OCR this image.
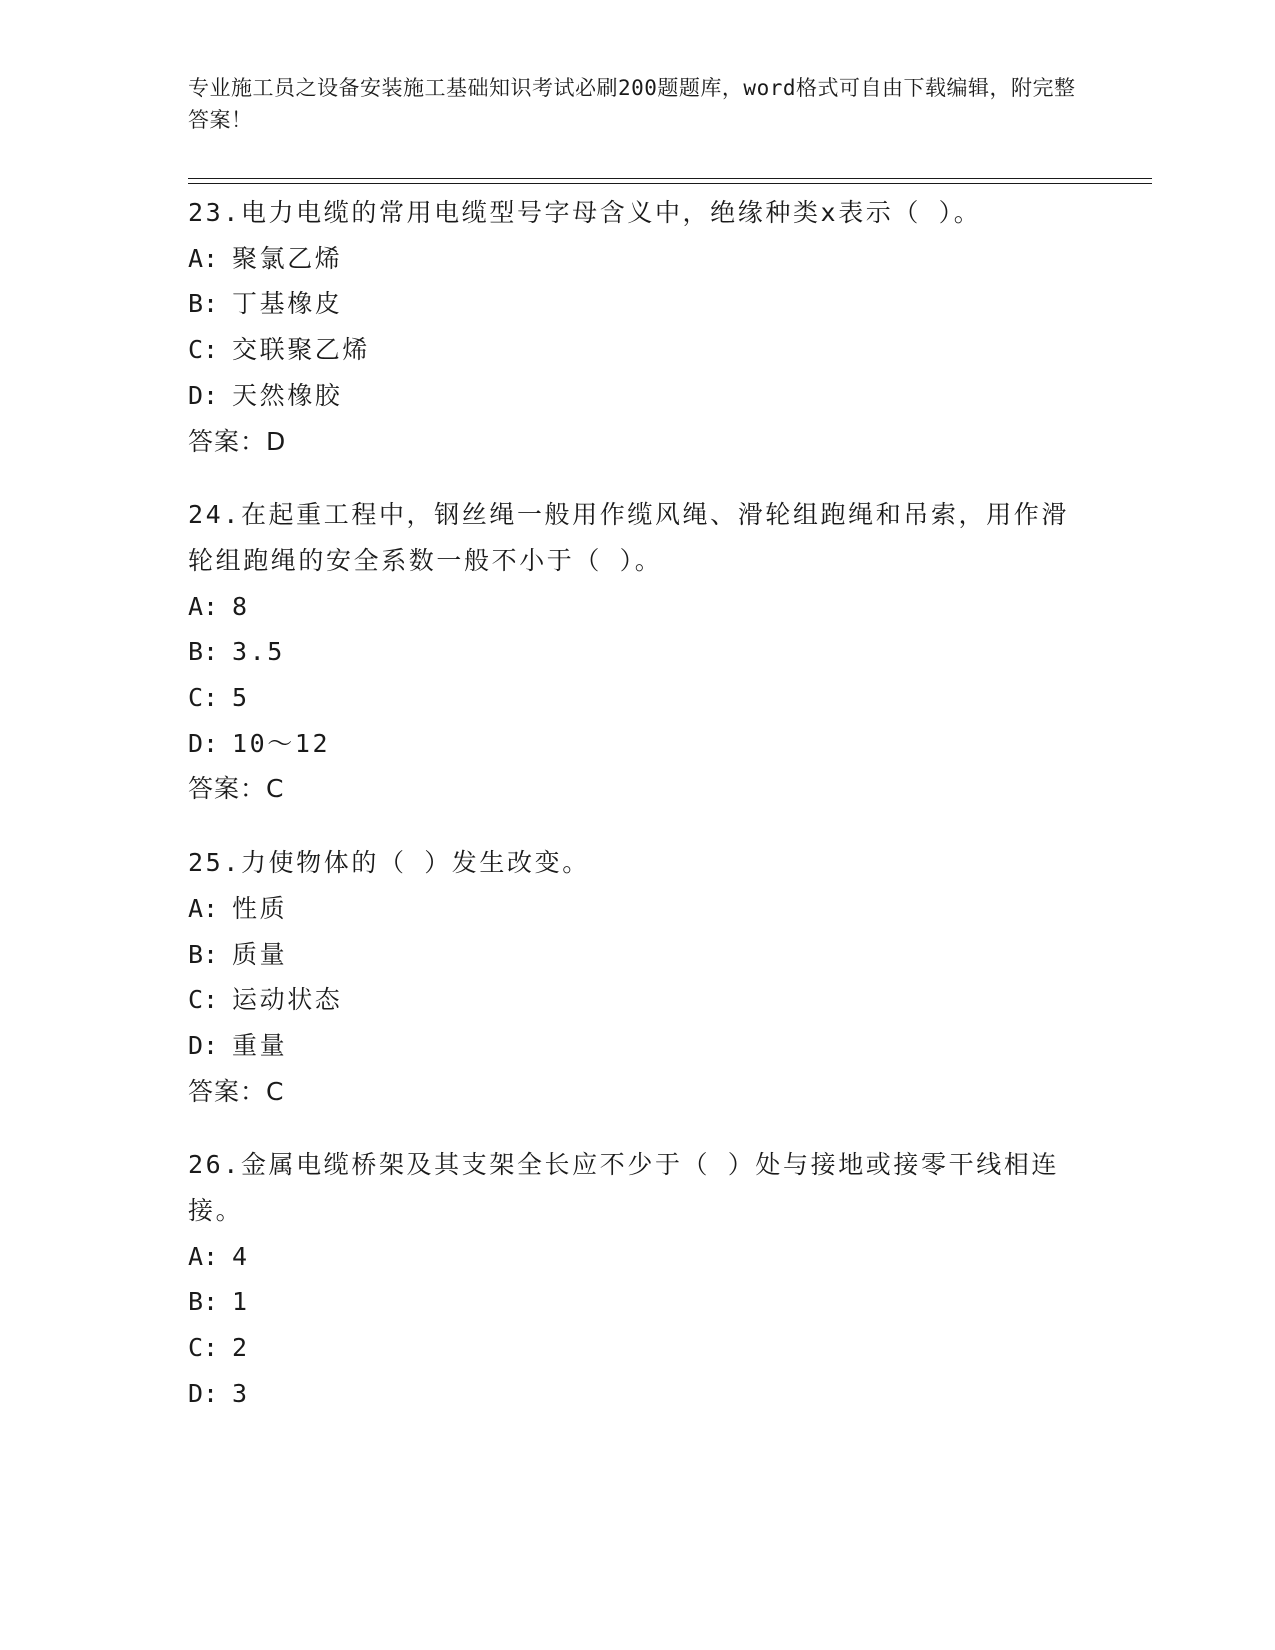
专业施工员之设备安装施工基础知识考试必刷200题题库，word格式可自由下载编辑，附完整答案！

23.电力电缆的常用电缆型号字母含义中，绝缘种类x表示（ ）。

A: 聚氯乙烯
B: 丁基橡皮
C: 交联聚乙烯
D: 天然橡胶

答案：D

24.在起重工程中，钢丝绳一般用作缆风绳、滑轮组跑绳和吊索，用作滑轮组跑绳的安全系数一般不小于（ ）。

A: 8
B: 3.5
C: 5
D: 10～12

答案：C

25.力使物体的（ ）发生改变。

A: 性质
B: 质量
C: 运动状态
D: 重量

答案：C

26.金属电缆桥架及其支架全长应不少于（ ）处与接地或接零干线相连接。

A: 4
B: 1
C: 2
D: 3
